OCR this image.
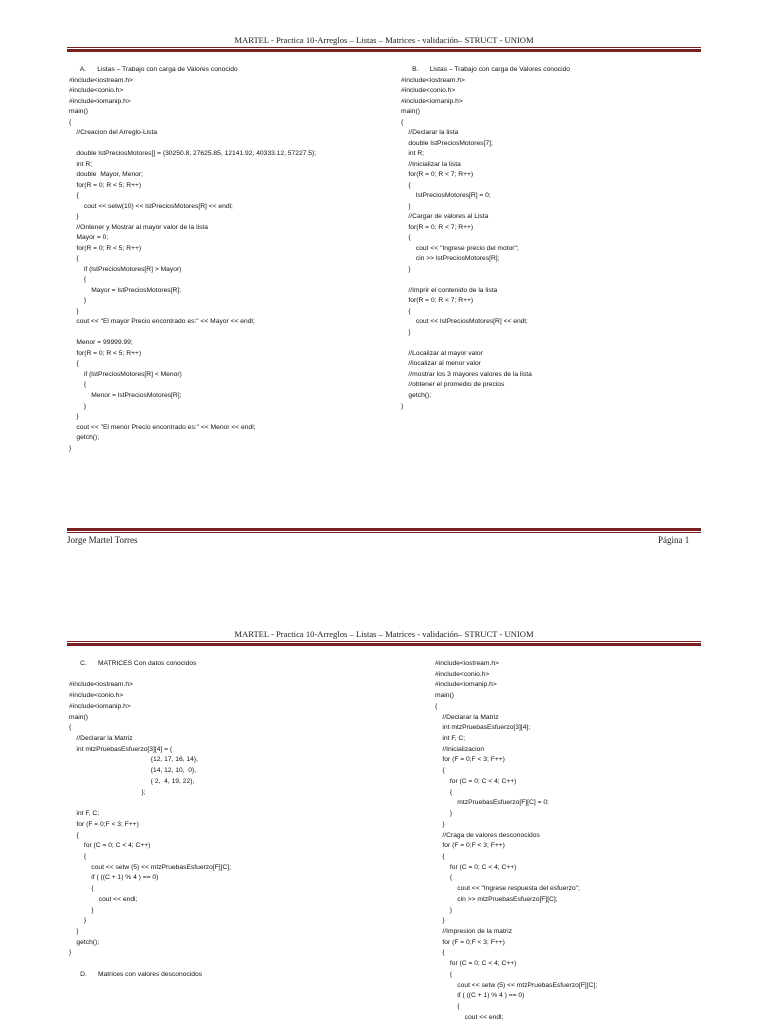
MARTEL - Practica 10-Arreglos – Listas – Matrices - validación– STRUCT - UNIOM
A.      Listas – Trabajo con carga de Valores conocido
#include<iostream.h>
#include<conio.h>
#include<iomanip.h>
main()
{
//Creacion del Arreglo-Lista
double lstPreciosMotores[] = {30250.8, 27625.85, 12141.92, 40333.12, 57227.5};
int R;
double  Mayor, Menor;
for(R = 0; R < 5; R++)
{
cout << setw(10) << lstPreciosMotores[R] << endl;
}
//Ontener y Mostrar al mayor valor de la lista
Mayor = 0;
for(R = 0; R < 5; R++)
{
if (lstPreciosMotores[R] > Mayor)
{
Mayor = lstPreciosMotores[R];
}
}
cout << "El mayor Precio encontrado es:" << Mayor << endl;
Menor = 99999.99;
for(R = 0; R < 5; R++)
{
if (lstPreciosMotores[R] < Menor)
{
Menor = lstPreciosMotores[R];
}
}
cout << "El menor Precio encontrado es:" << Menor << endl;
getch();
}
B.      Listas – Trabajo con carga de Valores conocido
#include<iostream.h>
#include<conio.h>
#include<iomanip.h>
main()
{
//Declarar la lista
double lstPreciosMotores[7];
int R;
//Inicializar la lista
for(R = 0; R < 7; R++)
{
lstPreciosMotores[R] = 0;
}
//Cargar de valores al Lista
for(R = 0; R < 7; R++)
{
cout << "Ingrese precio del motor";
cin >> lstPreciosMotores[R];
}
//Imprir el contenido de la lista
for(R = 0; R < 7; R++)
{
cout << lstPreciosMotores[R] << endl;
}
//Localizar al mayor valor
//localizar al menor valor
//mostrar los 3 mayores valores de la lista
//obtener el promedio de precios
getch();
}
Jorge Martel Torres	Página 1
MARTEL - Practica 10-Arreglos – Listas – Matrices - validación– STRUCT - UNIOM
C.      MATRICES Con datos conocidos
#include<iostream.h>
#include<conio.h>
#include<iomanip.h>
main()
{
//Declarar la Matriz
int mtzPruebasEsfuerzo[3][4] = {
{12, 17, 16, 14},
{14, 12, 10,  0},
{ 2,  4, 19, 22},
};
int F, C;
for (F = 0;F < 3; F++)
{
for (C = 0; C < 4; C++)
{
cout << setw (5) << mtzPruebasEsfuerzo[F][C];
if ( ((C + 1) % 4 ) == 0)
{
cout << endl;
}
}
}
getch();
}
D.      Matrices con valores desconocidos
#include<iostream.h>
#include<conio.h>
#include<iomanip.h>
main()
{
//Declarar la Matriz
int mtzPruebasEsfuerzo[3][4];
int F, C;
//Inicializacion
for (F = 0;F < 3; F++)
{
for (C = 0; C < 4; C++)
{
mtzPruebasEsfuerzo[F][C] = 0;
}
}
//Craga de valores desconocidos
for (F = 0;F < 3; F++)
{
for (C = 0; C < 4; C++)
{
cout << "Ingrese respuesta del esfuerzo";
cin >> mtzPruebasEsfuerzo[F][C];
}
}
//Impresion de la matriz
for (F = 0;F < 3; F++)
{
for (C = 0; C < 4; C++)
{
cout << setw (5) << mtzPruebasEsfuerzo[F][C];
if ( ((C + 1) % 4 ) == 0)
{
cout << endl;
